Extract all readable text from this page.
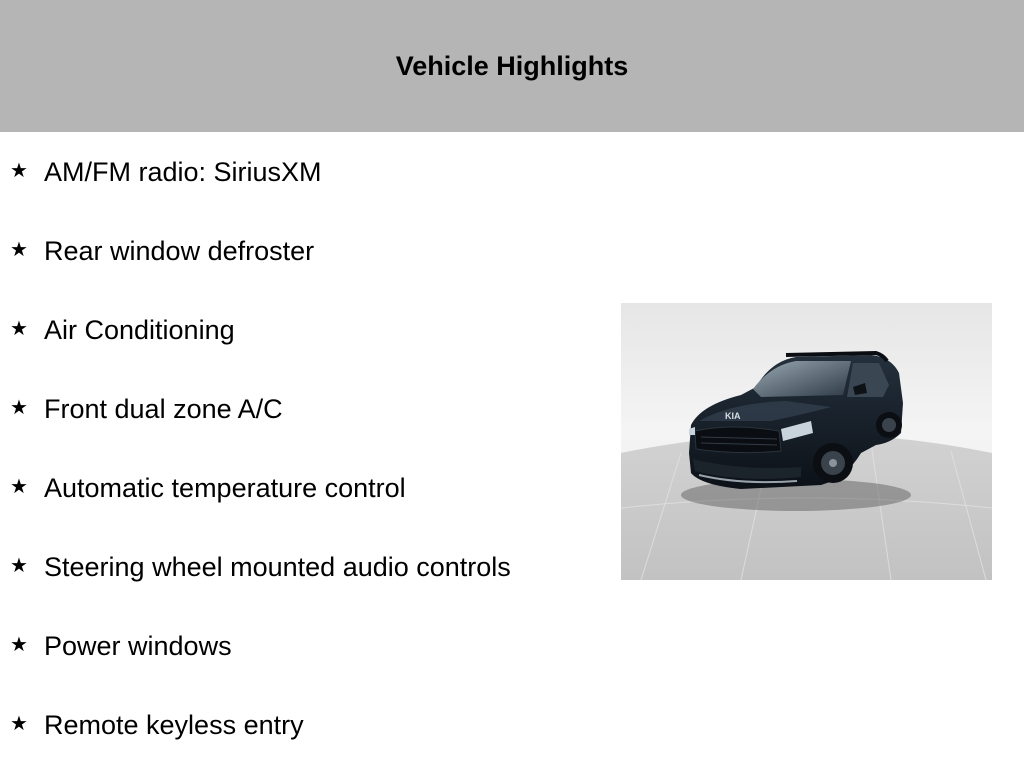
Vehicle Highlights
★ AM/FM radio: SiriusXM
★ Rear window defroster
★ Air Conditioning
★ Front dual zone A/C
★ Automatic temperature control
★ Steering wheel mounted audio controls
★ Power windows
★ Remote keyless entry
KIA
